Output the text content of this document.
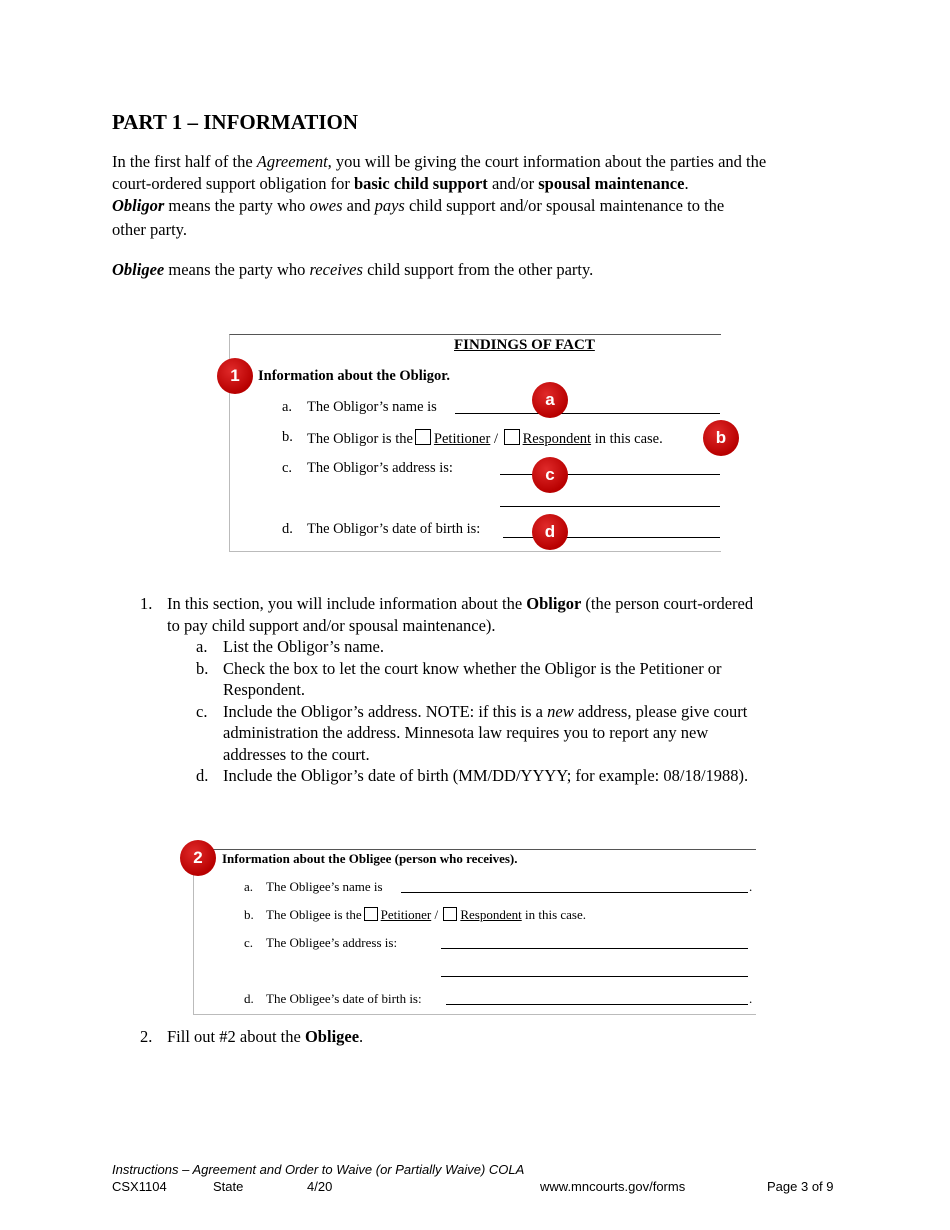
PART 1 – INFORMATION

In the first half of the Agreement, you will be giving the court information about the parties and the
court-ordered support obligation for basic child support and/or spousal maintenance.

Obligor means the party who owes and pays child support and/or spousal maintenance to the
other party.

Obligee means the party who receives child support from the other party.

FINDINGS OF FACT
Information about the Obligor.
a. The Obligor’s name is
b. The Obligor is the Petitioner / Respondent in this case.
c. The Obligor’s address is:
d. The Obligor’s date of birth is:
1
a
b
c
d
1. In this section, you will include information about the Obligor (the person court-ordered
to pay child support and/or spousal maintenance).
a. List the Obligor’s name.
b. Check the box to let the court know whether the Obligor is the Petitioner or
Respondent.
c. Include the Obligor’s address. NOTE: if this is a new address, please give court
administration the address. Minnesota law requires you to report any new
addresses to the court.
d. Include the Obligor’s date of birth (MM/DD/YYYY; for example: 08/18/1988).
Information about the Obligee (person who receives).
a. The Obligee’s name is	.
b. The Obligee is the Petitioner / Respondent in this case.
c. The Obligee’s address is:
d. The Obligee’s date of birth is:	.
2
2. Fill out #2 about the Obligee.
Instructions – Agreement and Order to Waive (or Partially Waive) COLA
CSX1104	State	4/20	www.mncourts.gov/forms	Page 3 of 9
